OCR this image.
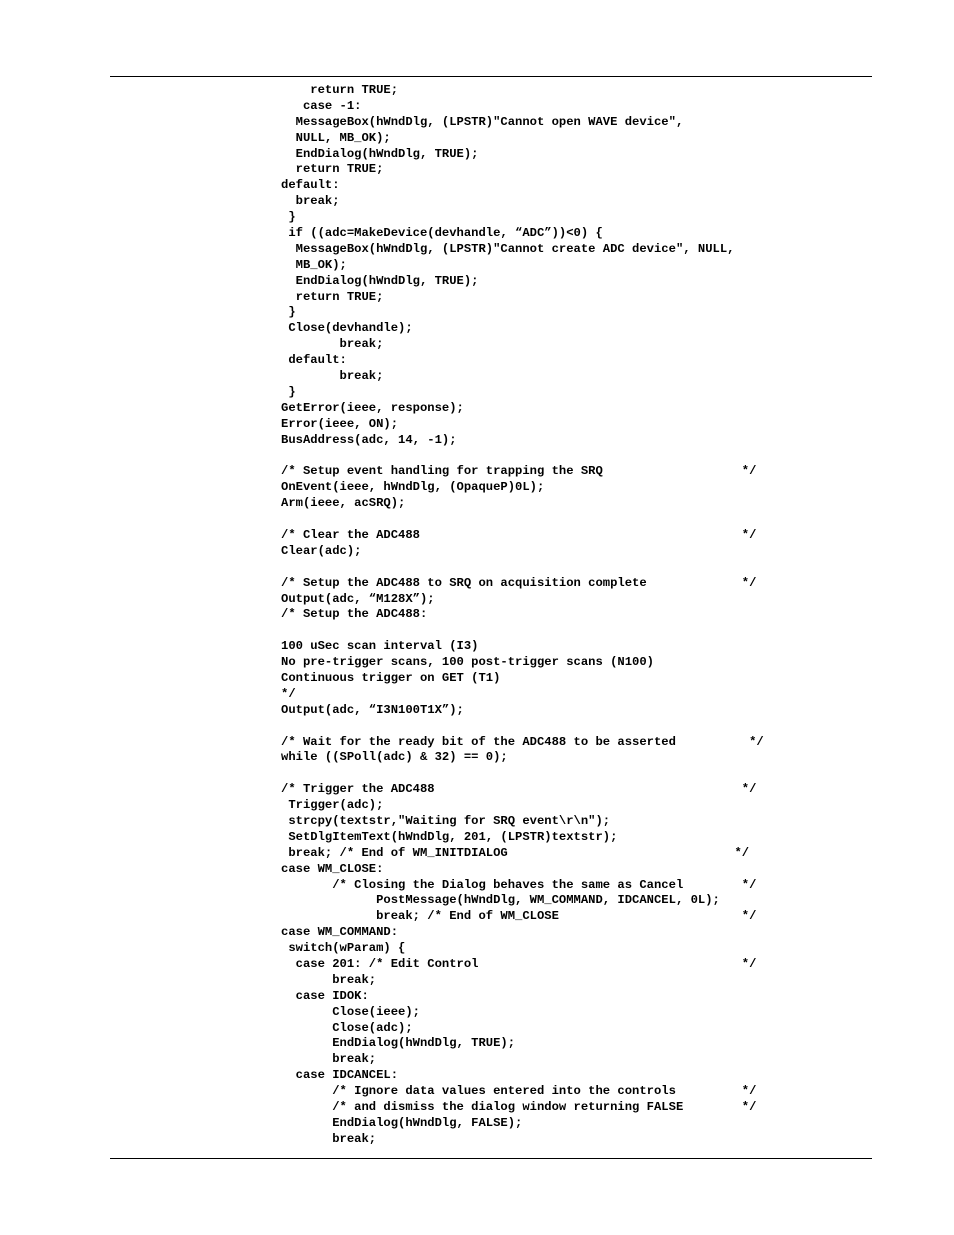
return TRUE;
case -1:
MessageBox(hWndDlg, (LPSTR)"Cannot open WAVE device",
NULL, MB_OK);
EndDialog(hWndDlg, TRUE);
return TRUE;
default:
break;
}
if ((adc=MakeDevice(devhandle, “ADC”))<0) {
MessageBox(hWndDlg, (LPSTR)"Cannot create ADC device", NULL,
MB_OK);
EndDialog(hWndDlg, TRUE);
return TRUE;
}
Close(devhandle);
break;
default:
break;
}
GetError(ieee, response);
Error(ieee, ON);
BusAddress(adc, 14, -1);
/* Setup event handling for trapping the SRQ                   */
OnEvent(ieee, hWndDlg, (OpaqueP)0L);
Arm(ieee, acSRQ);
/* Clear the ADC488                                            */
Clear(adc);
/* Setup the ADC488 to SRQ on acquisition complete             */
Output(adc, “M128X”);
/* Setup the ADC488:
100 uSec scan interval (I3)
No pre-trigger scans, 100 post-trigger scans (N100)
Continuous trigger on GET (T1)
*/
Output(adc, “I3N100T1X”);
/* Wait for the ready bit of the ADC488 to be asserted          */
while ((SPoll(adc) & 32) == 0);
/* Trigger the ADC488                                          */
Trigger(adc);
strcpy(textstr,"Waiting for SRQ event\r\n");
SetDlgItemText(hWndDlg, 201, (LPSTR)textstr);
break; /* End of WM_INITDIALOG                               */
case WM_CLOSE:
/* Closing the Dialog behaves the same as Cancel        */
PostMessage(hWndDlg, WM_COMMAND, IDCANCEL, 0L);
break; /* End of WM_CLOSE                         */
case WM_COMMAND:
switch(wParam) {
case 201: /* Edit Control                                    */
break;
case IDOK:
Close(ieee);
Close(adc);
EndDialog(hWndDlg, TRUE);
break;
case IDCANCEL:
/* Ignore data values entered into the controls         */
/* and dismiss the dialog window returning FALSE        */
EndDialog(hWndDlg, FALSE);
break;
